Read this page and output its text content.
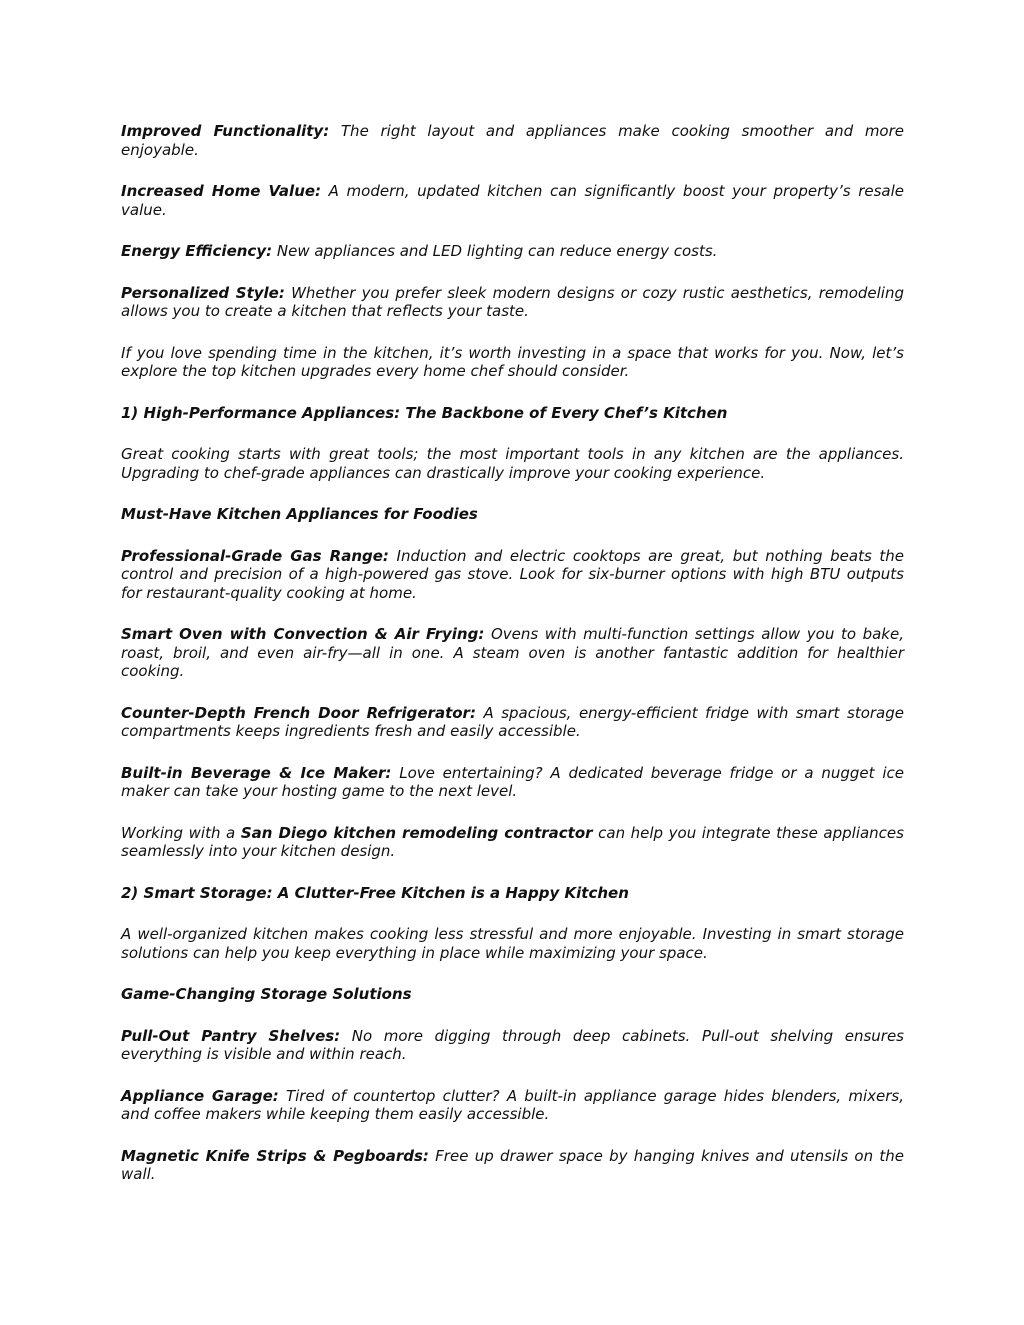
Improved Functionality: The right layout and appliances make cooking smoother and more enjoyable.

Increased Home Value: A modern, updated kitchen can significantly boost your property’s resale value.

Energy Efficiency: New appliances and LED lighting can reduce energy costs.

Personalized Style: Whether you prefer sleek modern designs or cozy rustic aesthetics, remodeling allows you to create a kitchen that reflects your taste.

If you love spending time in the kitchen, it’s worth investing in a space that works for you. Now, let’s explore the top kitchen upgrades every home chef should consider.

1) High-Performance Appliances: The Backbone of Every Chef’s Kitchen

Great cooking starts with great tools; the most important tools in any kitchen are the appliances. Upgrading to chef-grade appliances can drastically improve your cooking experience.

Must-Have Kitchen Appliances for Foodies

Professional-Grade Gas Range: Induction and electric cooktops are great, but nothing beats the control and precision of a high-powered gas stove. Look for six-burner options with high BTU outputs for restaurant-quality cooking at home.

Smart Oven with Convection & Air Frying: Ovens with multi-function settings allow you to bake, roast, broil, and even air-fry—all in one. A steam oven is another fantastic addition for healthier cooking.

Counter-Depth French Door Refrigerator: A spacious, energy-efficient fridge with smart storage compartments keeps ingredients fresh and easily accessible.

Built-in Beverage & Ice Maker: Love entertaining? A dedicated beverage fridge or a nugget ice maker can take your hosting game to the next level.

Working with a San Diego kitchen remodeling contractor can help you integrate these appliances seamlessly into your kitchen design.

2) Smart Storage: A Clutter-Free Kitchen is a Happy Kitchen

A well-organized kitchen makes cooking less stressful and more enjoyable. Investing in smart storage solutions can help you keep everything in place while maximizing your space.

Game-Changing Storage Solutions

Pull-Out Pantry Shelves: No more digging through deep cabinets. Pull-out shelving ensures everything is visible and within reach.

Appliance Garage: Tired of countertop clutter? A built-in appliance garage hides blenders, mixers, and coffee makers while keeping them easily accessible.

Magnetic Knife Strips & Pegboards: Free up drawer space by hanging knives and utensils on the wall.
